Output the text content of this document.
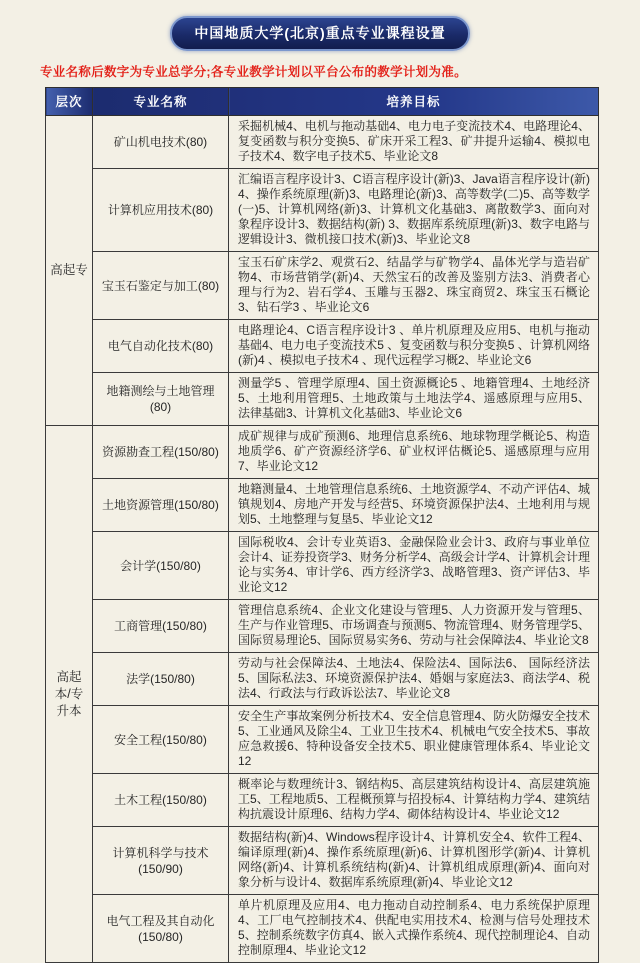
中国地质大学(北京)重点专业课程设置
专业名称后数字为专业总学分;各专业教学计划以平台公布的教学计划为准。
层次	专业名称	培养目标
高起专	矿山机电技术(80)	采掘机械4、电机与拖动基础4、电力电子变流技术4、电路理论4、复变函数与积分变换5、矿床开采工程3、矿井提升运输4、模拟电子技术4、数字电子技术5、毕业论文8
	计算机应用技术(80)	汇编语言程序设计3、C语言程序设计(新)3、Java语言程序设计(新) 4、操作系统原理(新)3、电路理论(新)3、高等数学(二)5、高等数学(一)5、计算机网络(新)3、计算机文化基础3、离散数学3、面向对象程序设计3、数据结构(新) 3、数据库系统原理(新)3、数字电路与逻辑设计3、微机接口技术(新)3、毕业论文8
	宝玉石鉴定与加工(80)	宝玉石矿床学2、观赏石2、结晶学与矿物学4、晶体光学与造岩矿物4、市场营销学(新)4、天然宝石的改善及鉴别方法3、消费者心理与行为2、岩石学4、玉雕与玉器2、珠宝商贸2、珠宝玉石概论3、钻石学3 、毕业论文6
	电气自动化技术(80)	电路理论4、C语言程序设计3 、单片机原理及应用5、电机与拖动基础4、电力电子变流技术5 、复变函数与积分变换5 、计算机网络(新)4 、模拟电子技术4 、现代远程学习概2、毕业论文6
	地籍测绘与土地管理(80)	测量学5 、管理学原理4、国土资源概论5 、地籍管理4、土地经济5、土地利用管理5、土地政策与土地法学4、遥感原理与应用5、 法律基础3、计算机文化基础3、毕业论文6
高起本/专升本	资源勘查工程(150/80)	成矿规律与成矿预测6、地理信息系统6、地球物理学概论5、构造地质学6、矿产资源经济学6、矿业权评估概论5、遥感原理与应用7、毕业论文12
	土地资源管理(150/80)	地籍测量4、土地管理信息系统6、土地资源学4、不动产评估4、城镇规划4、房地产开发与经营5、环境资源保护法4、土地利用与规划5、土地整理与复垦5、毕业论文12
	会计学(150/80)	国际税收4、会计专业英语3、金融保险业会计3、政府与事业单位会计4、证券投资学3、财务分析学4、高级会计学4、计算机会计理论与实务4、审计学6、西方经济学3、战略管理3、资产评估3、毕业论文12
	工商管理(150/80)	管理信息系统4、企业文化建设与管理5、人力资源开发与管理5、生产与作业管理5、市场调查与预测5、物流管理4、财务管理学5、国际贸易理论5、国际贸易实务6、劳动与社会保障法4、毕业论文8
	法学(150/80)	劳动与社会保障法4、土地法4、保险法4、国际法6、 国际经济法5、国际私法3、环境资源保护法4、婚姻与家庭法3、商法学4、税法4、行政法与行政诉讼法7、毕业论文8
	安全工程(150/80)	安全生产事故案例分析技术4、安全信息管理4、防火防爆安全技术5、工业通风及除尘4、工业卫生技术4、机械电气安全技术5、事故应急救援6、特种设备安全技术5、职业健康管理体系4、毕业论文12
	土木工程(150/80)	概率论与数理统计3、钢结构5、高层建筑结构设计4、高层建筑施工5、工程地质5、工程概预算与招投标4、计算结构力学4、建筑结构抗震设计原理6、结构力学4、砌体结构设计4、毕业论文12
	计算机科学与技术(150/90)	数据结构(新)4、Windows程序设计4、计算机安全4、软件工程4、 编译原理(新)4、操作系统原理(新)6、计算机图形学(新)4、计算机网络(新)4、计算机系统结构(新)4、计算机组成原理(新)4、面向对象分析与设计4、数据库系统原理(新)4、毕业论文12
	电气工程及其自动化 (150/80)	单片机原理及应用4、电力拖动自动控制系4、电力系统保护原理4、工厂电气控制技术4、供配电实用技术4、检测与信号处理技术5、控制系统数字仿真4、嵌入式操作系统4、现代控制理论4、自动控制原理4、毕业论文12
